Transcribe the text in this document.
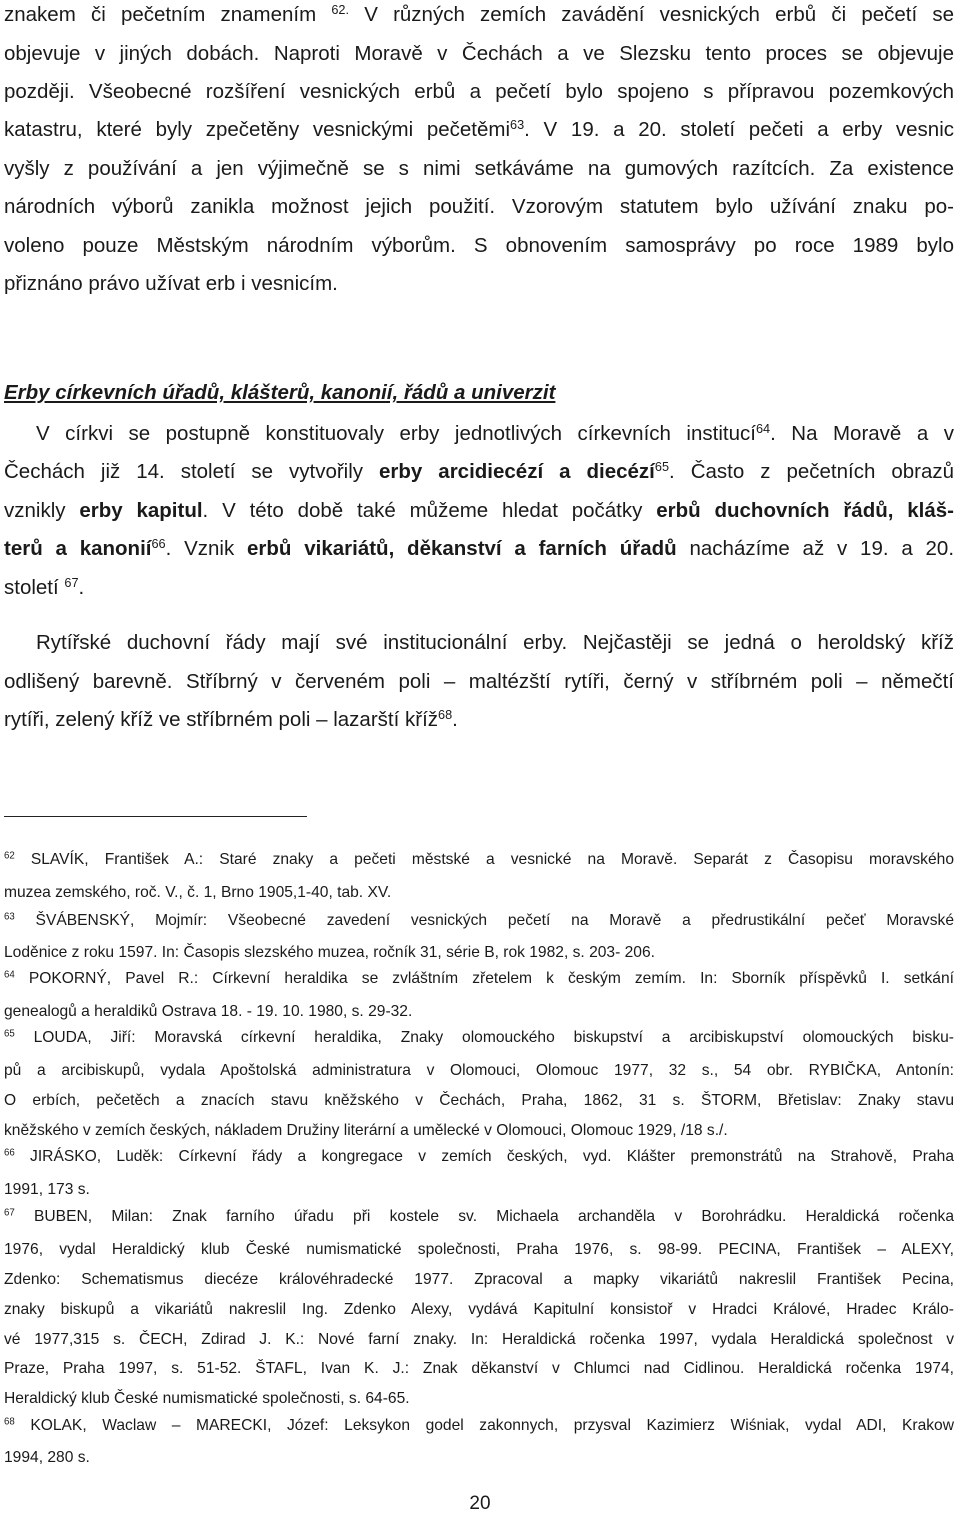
znakem či pečetním znamením $^{62.}$ V různých zemích zavádění vesnických erbů či pečetí se
objevuje v jiných dobách. Naproti Moravě v Čechách a ve Slezsku tento proces se objevuje
později. Všeobecné rozšíření vesnických erbů a pečetí bylo spojeno s přípravou pozemkových
katastru, které byly zpečetěny vesnickými pečetěmi$^{63}$. V 19. a 20. století pečeti a erby vesnic
vyšly z používání a jen výjimečně se s nimi setkáváme na gumových razítcích. Za existence
národních výborů zanikla možnost jejich použití. Vzorovým statutem bylo užívání znaku po-
voleno pouze Městským národním výborům. S obnovením samosprávy po roce 1989 bylo
přiznáno právo užívat erb i vesnicím.
Erby církevních úřadů, klášterů, kanonií, řádů a univerzit
V církvi se postupně konstituovaly erby jednotlivých církevních institucí$^{64}$. Na Moravě a v
Čechách již 14. století se vytvořily erby arcidiecézí a diecézí$^{65}$. Často z pečetních obrazů
vznikly erby kapitul. V této době také můžeme hledat počátky erbů duchovních řádů, kláš-
terů a kanonií$^{66}$. Vznik erbů vikariátů, děkanství a farních úřadů nacházíme až v 19. a 20.
století $^{67}$.
Rytířské duchovní řády mají své institucionální erby. Nejčastěji se jedná o heroldský kříž
odlišený barevně. Stříbrný v červeném poli – maltézští rytíři, černý v stříbrném poli – němečtí
rytíři, zelený kříž ve stříbrném poli – lazarští kříž$^{68}$.
$^{62}$ SLAVÍK, František A.: Staré znaky a pečeti městské a vesnické na Moravě. Separát z Časopisu moravského
muzea zemského, roč. V., č. 1, Brno 1905,1-40, tab. XV.
$^{63}$ ŠVÁBENSKÝ, Mojmír: Všeobecné zavedení vesnických pečetí na Moravě a předrustikální pečeť Moravské
Loděnice z roku 1597. In: Časopis slezského muzea, ročník 31, série B, rok 1982, s. 203- 206.
$^{64}$ POKORNÝ, Pavel R.: Církevní heraldika se zvláštním zřetelem k českým zemím. In: Sborník příspěvků I. setkání
genealogů a heraldiků Ostrava 18. - 19. 10. 1980, s. 29-32.
$^{65}$ LOUDA, Jiří: Moravská církevní heraldika, Znaky olomouckého biskupství a arcibiskupství olomouckých bisku-
pů a arcibiskupů, vydala Apoštolská administratura v Olomouci, Olomouc 1977, 32 s., 54 obr. RYBIČKA, Antonín:
O erbích, pečetěch a znacích stavu kněžského v Čechách, Praha, 1862, 31 s. ŠTORM, Břetislav: Znaky stavu
kněžského v zemích českých, nákladem Družiny literární a umělecké v Olomouci, Olomouc 1929, /18 s./.
$^{66}$ JIRÁSKO, Luděk: Církevní řády a kongregace v zemích českých, vyd. Klášter premonstrátů na Strahově, Praha
1991, 173 s.
$^{67}$ BUBEN, Milan: Znak farního úřadu při kostele sv. Michaela archanděla v Borohrádku. Heraldická ročenka
1976, vydal Heraldický klub České numismatické společnosti, Praha 1976, s. 98-99. PECINA, František – ALEXY,
Zdenko: Schematismus diecéze královéhradecké 1977. Zpracoval a mapky vikariátů nakreslil František Pecina,
znaky biskupů a vikariátů nakreslil Ing. Zdenko Alexy, vydává Kapitulní konsistoř v Hradci Králové, Hradec Králo-
vé 1977,315 s. ČECH, Zdirad J. K.: Nové farní znaky. In: Heraldická ročenka 1997, vydala Heraldická společnost v
Praze, Praha 1997, s. 51-52. ŠTAFL, Ivan K. J.: Znak děkanství v Chlumci nad Cidlinou. Heraldická ročenka 1974,
Heraldický klub České numismatické společnosti, s. 64-65.
$^{68}$ KOLAK, Waclaw – MARECKI, Józef: Leksykon godel zakonnych, przysval Kazimierz Wiśniak, vydal ADI, Krakow
1994, 280 s.
20
